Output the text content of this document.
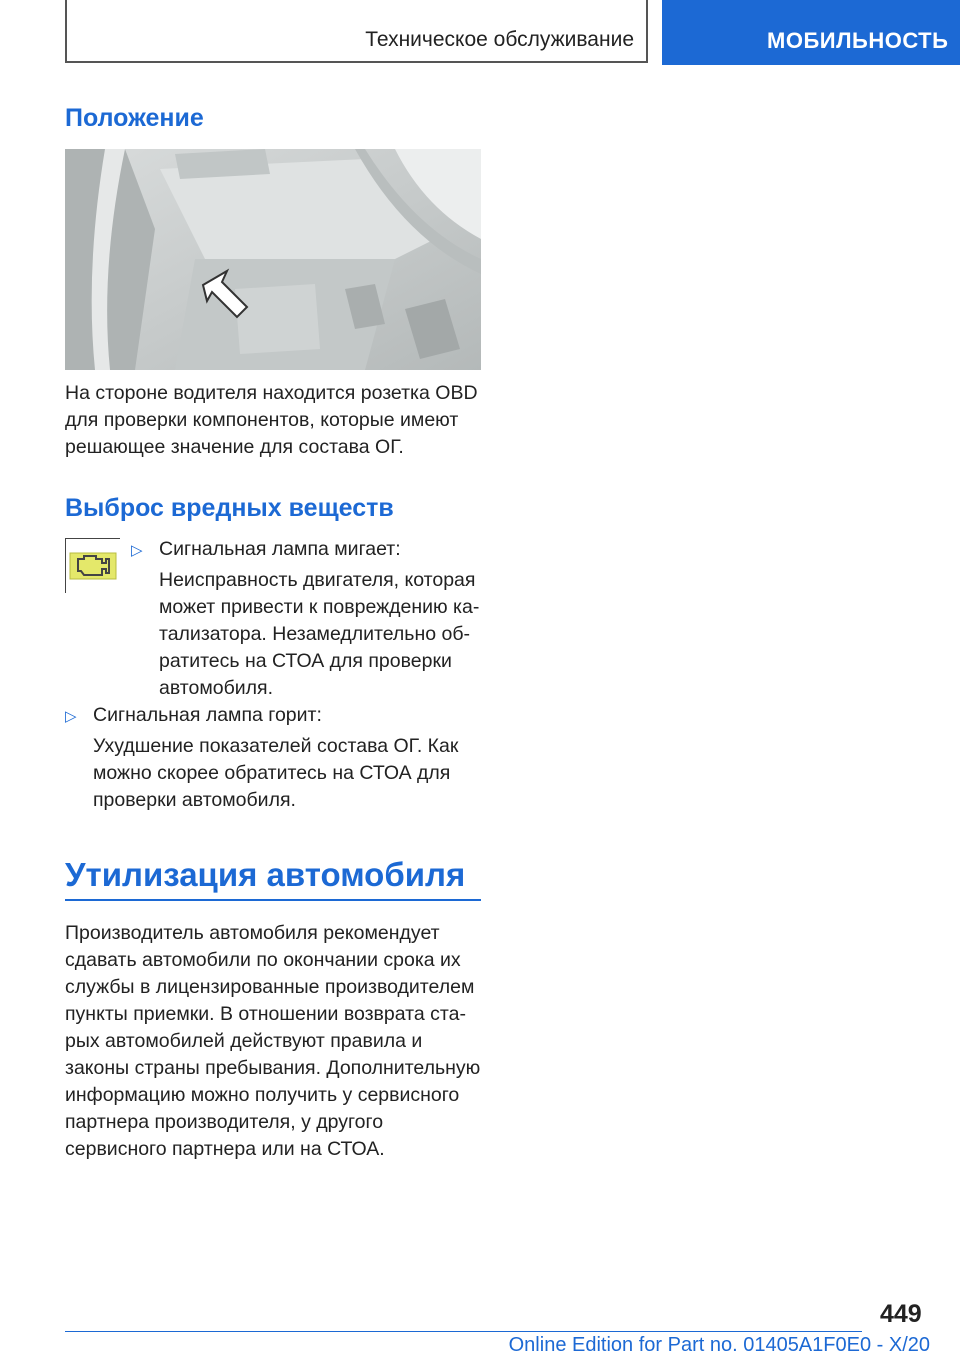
Техническое обслуживание	МОБИЛЬНОСТЬ
Положение

На стороне водителя находится розетка OBD для проверки компонентов, которые имеют решающее значение для состава ОГ.

Выброс вредных веществ
▷ Сигнальная лампа мигает:

Неисправность двигателя, которая может привести к повреждению катализатора. Незамедлительно обратитесь на СТОА для проверки автомобиля.

▷ Сигнальная лампа горит:

Ухудшение показателей состава ОГ. Как можно скорее обратитесь на СТОА для проверки автомобиля.

Утилизация автомобиля

Производитель автомобиля рекомендует сдавать автомобили по окончании срока их службы в лицензированные производителем пункты приемки. В отношении возврата старых автомобилей действуют правила и законы страны пребывания. Дополнительную информацию можно получить у сервисного партнера производителя, у другого сервисного партнера или на СТОА.

449
Online Edition for Part no. 01405A1F0E0 - X/20
